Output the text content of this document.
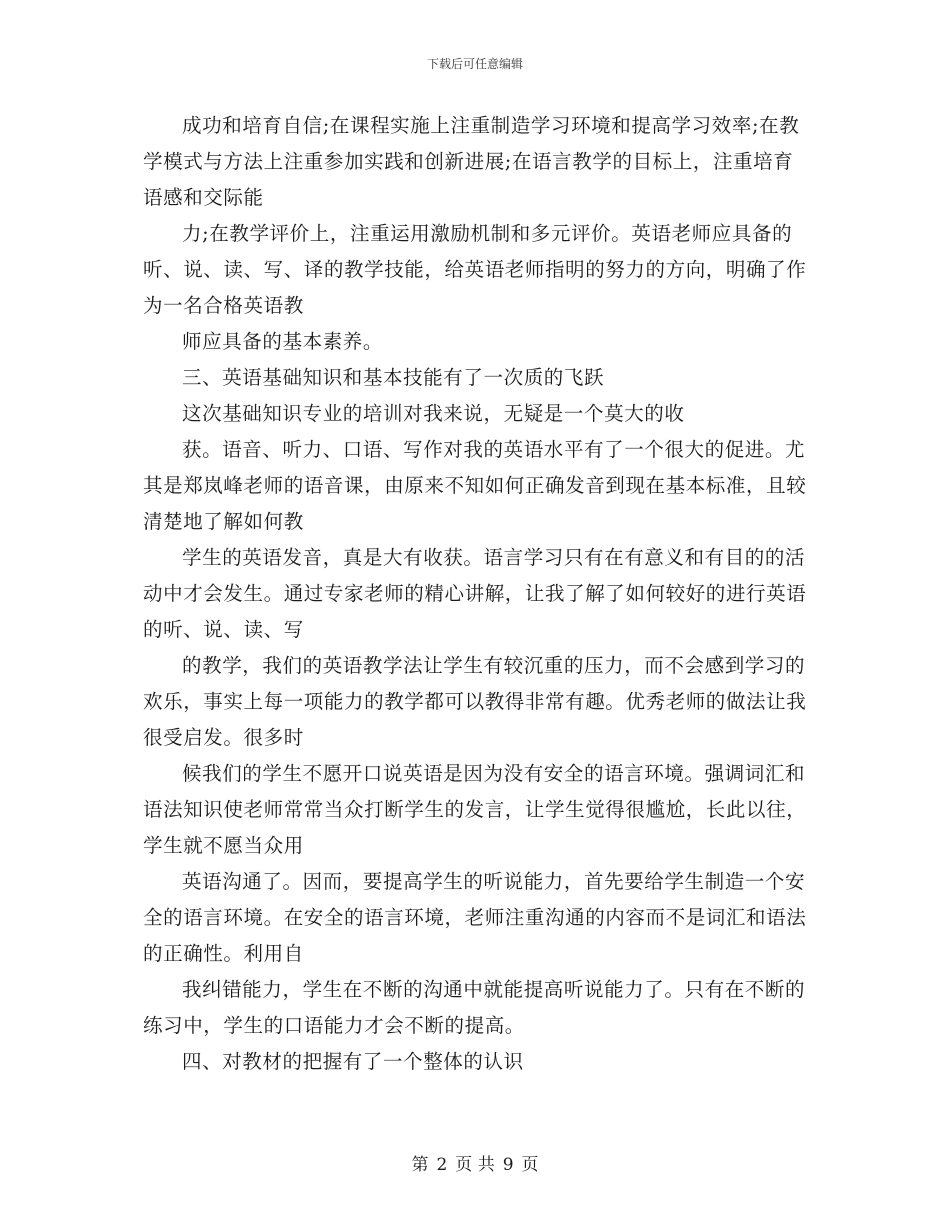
下载后可任意编辑

成功和培育自信;在课程实施上注重制造学习环境和提高学习效率;在教学模式与方法上注重参加实践和创新进展;在语言教学的目标上，注重培育语感和交际能

力;在教学评价上，注重运用激励机制和多元评价。英语老师应具备的听、说、读、写、译的教学技能，给英语老师指明的努力的方向，明确了作为一名合格英语教

师应具备的基本素养。

三、英语基础知识和基本技能有了一次质的飞跃

这次基础知识专业的培训对我来说，无疑是一个莫大的收

获。语音、听力、口语、写作对我的英语水平有了一个很大的促进。尤其是郑岚峰老师的语音课，由原来不知如何正确发音到现在基本标准，且较清楚地了解如何教

学生的英语发音，真是大有收获。语言学习只有在有意义和有目的的活动中才会发生。通过专家老师的精心讲解，让我了解了如何较好的进行英语的听、说、读、写

的教学，我们的英语教学法让学生有较沉重的压力，而不会感到学习的欢乐，事实上每一项能力的教学都可以教得非常有趣。优秀老师的做法让我很受启发。很多时

候我们的学生不愿开口说英语是因为没有安全的语言环境。强调词汇和语法知识使老师常常当众打断学生的发言，让学生觉得很尴尬，长此以往，学生就不愿当众用

英语沟通了。因而，要提高学生的听说能力，首先要给学生制造一个安全的语言环境。在安全的语言环境，老师注重沟通的内容而不是词汇和语法的正确性。利用自

我纠错能力，学生在不断的沟通中就能提高听说能力了。只有在不断的练习中，学生的口语能力才会不断的提高。

四、对教材的把握有了一个整体的认识

第 2 页 共 9 页
